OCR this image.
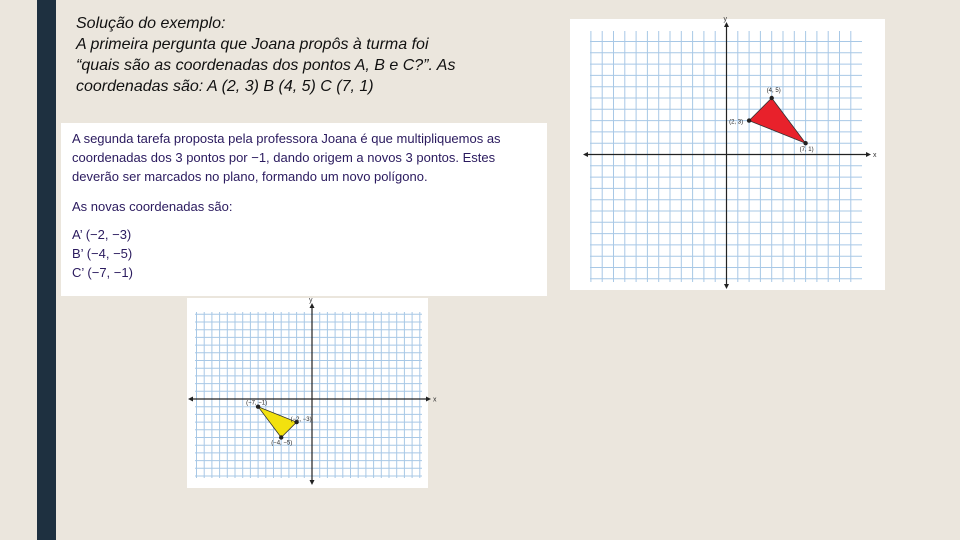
Solução do exemplo:
A primeira pergunta que Joana propôs à turma foi
“quais são as coordenadas dos pontos A, B e C?”. As
coordenadas são: A (2, 3) B (4, 5) C (7, 1)
A segunda tarefa proposta pela professora Joana é que multipliquemos as
coordenadas dos 3 pontos por −1, dando origem a novos 3 pontos. Estes
deverão ser marcados no plano, formando um novo polígono.
As novas coordenadas são:
A’ (−2, −3)
B’ (−4, −5)
C’ (−7, −1)
x
y
(2, 3)
(4, 5)
(7, 1)
x
y
(−7, −1)
(−2, −3)
(−4, −5)
